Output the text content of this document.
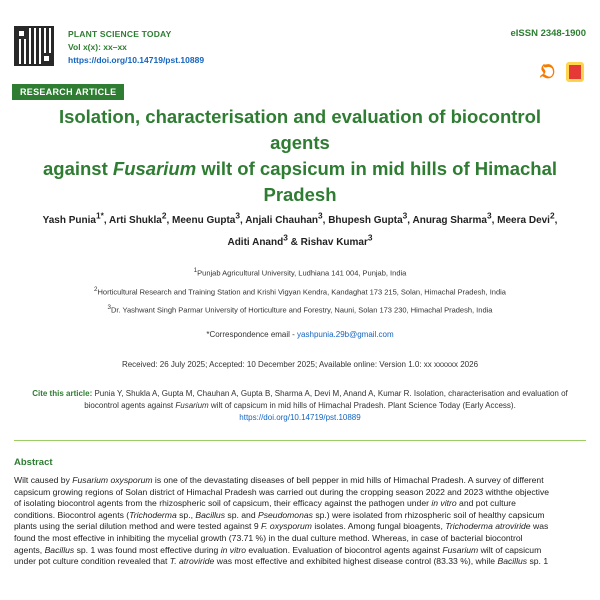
PLANT SCIENCE TODAY
Vol x(x): xx–xx
https://doi.org/10.14719/pst.10889
eISSN 2348-1900
𝔒
RESEARCH ARTICLE
Isolation, characterisation and evaluation of biocontrol agents
against Fusarium wilt of capsicum in mid hills of Himachal
Pradesh
Yash Punia$^{1*}$, Arti Shukla$^2$, Meenu Gupta$^3$, Anjali Chauhan$^3$, Bhupesh Gupta$^3$, Anurag Sharma$^3$, Meera Devi$^2$,
Aditi Anand$^3$ & Rishav Kumar$^3$
$^1$Punjab Agricultural University, Ludhiana 141 004, Punjab, India
$^2$Horticultural Research and Training Station and Krishi Vigyan Kendra, Kandaghat 173 215, Solan, Himachal Pradesh, India
$^3$Dr. Yashwant Singh Parmar University of Horticulture and Forestry, Nauni, Solan 173 230, Himachal Pradesh, India
*Correspondence email - yashpunia.29b@gmail.com
Received: 26 July 2025; Accepted: 10 December 2025; Available online: Version 1.0: xx xxxxxx 2026
Cite this article: Punia Y, Shukla A, Gupta M, Chauhan A, Gupta B, Sharma A, Devi M, Anand A, Kumar R. Isolation, characterisation and evaluation of
biocontrol agents against Fusarium wilt of capsicum in mid hills of Himachal Pradesh. Plant Science Today (Early Access).
https://doi.org/10.14719/pst.10889
Abstract
Wilt caused by Fusarium oxysporum is one of the devastating diseases of bell pepper in mid hills of Himachal Pradesh. A survey of different
capsicum growing regions of Solan district of Himachal Pradesh was carried out during the cropping season 2022 and 2023 withthe objective
of isolating biocontrol agents from the rhizospheric soil of capsicum, their efficacy against the pathogen under in vitro and pot culture
conditions. Biocontrol agents (Trichoderma sp., Bacillus sp. and Pseudomonas sp.) were isolated from rhizospheric soil of healthy capsicum
plants using the serial dilution method and were tested against 9 F. oxysporum isolates. Among fungal bioagents, Trichoderma atroviride was
found the most effective in inhibiting the mycelial growth (73.71 %) in the dual culture method. Whereas, in case of bacterial biocontrol
agents, Bacillus sp. 1 was found most effective during in vitro evaluation. Evaluation of biocontrol agents against Fusarium wilt of capsicum
under pot culture condition revealed that T. atroviride was most effective and exhibited highest disease control (83.33 %), while Bacillus sp. 1
